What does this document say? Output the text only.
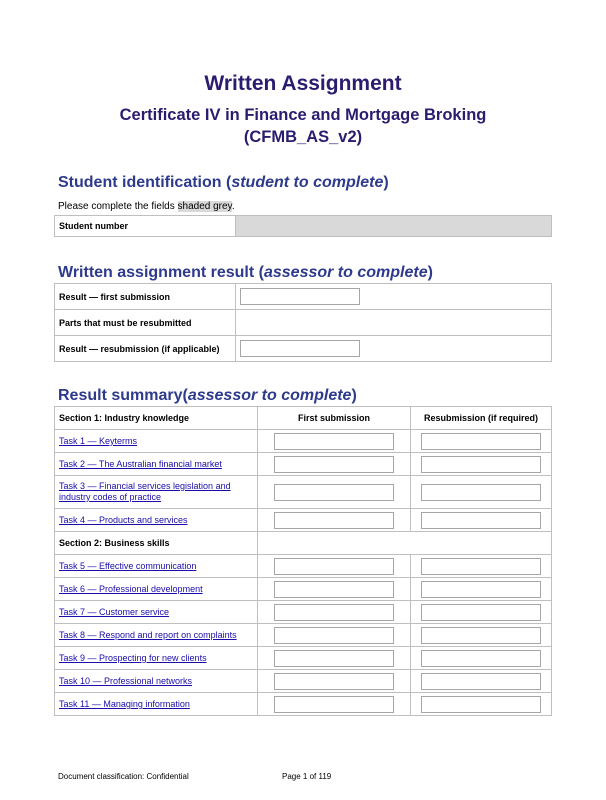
Written Assignment
Certificate IV in Finance and Mortgage Broking
(CFMB_AS_v2)
Student identification (student to complete)
Please complete the fields shaded grey.
Student number	
Written assignment result (assessor to complete)
Result — first submission	

Parts that must be resubmitted	
Result — resubmission (if applicable)	
Result summary(assessor to complete)
Section 1: Industry knowledge	First submission	Resubmission (if required)
Task 1 — Keyterms	

Task 2 — The Australian financial market	

Task 3 — Financial services legislation and industry codes of practice	

Task 4 — Products and services	

Section 2: Business skills		
Task 5 — Effective communication	

Task 6 — Professional development	

Task 7 — Customer service	

Task 8 — Respond and report on complaints	

Task 9 — Prospecting for new clients	

Task 10 — Professional networks	

Task 11 — Managing information	

Document classification: Confidential	Page 1 of 119
